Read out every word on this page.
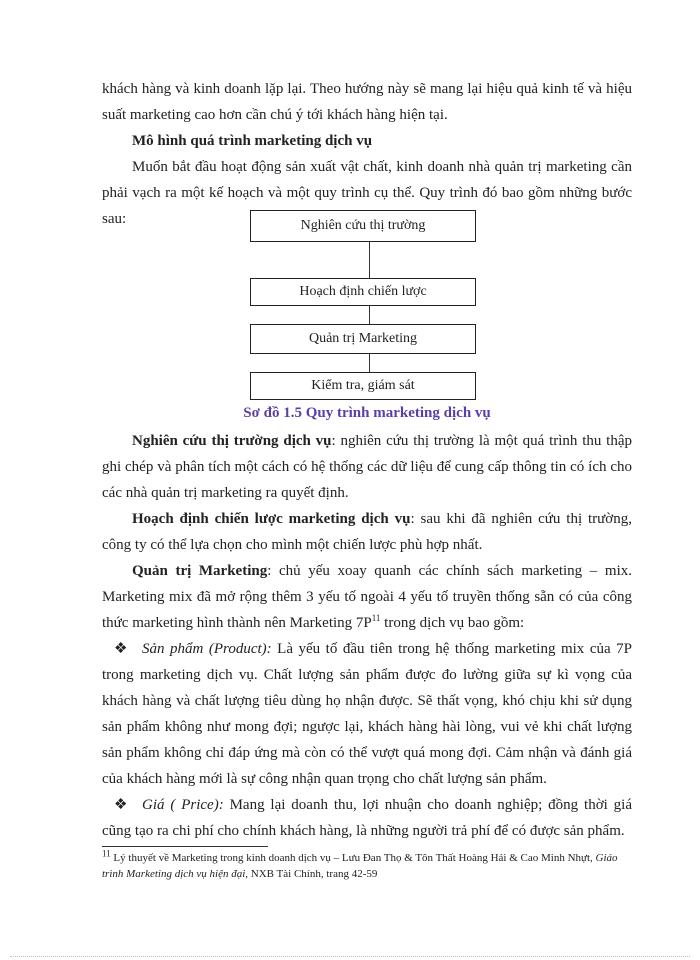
khách hàng và kinh doanh lặp lại. Theo hướng này sẽ mang lại hiệu quả kinh tế và hiệu suất marketing cao hơn cần chú ý tới khách hàng hiện tại.

Mô hình quá trình marketing dịch vụ

Muốn bắt đầu hoạt động sản xuất vật chất, kinh doanh nhà quản trị marketing cần phải vạch ra một kế hoạch và một quy trình cụ thể. Quy trình đó bao gồm những bước sau:	Nghiên cứu thị trường
Hoạch định chiến lược
Quản trị Marketing
Kiểm tra, giám sát

Sơ đồ 1.5 Quy trình marketing dịch vụ

Nghiên cứu thị trường dịch vụ: nghiên cứu thị trường là một quá trình thu thập ghi chép và phân tích một cách có hệ thống các dữ liệu để cung cấp thông tin có ích cho các nhà quản trị marketing ra quyết định.

Hoạch định chiến lược marketing dịch vụ: sau khi đã nghiên cứu thị trường, công ty có thể lựa chọn cho mình một chiến lược phù hợp nhất.

Quản trị Marketing: chủ yếu xoay quanh các chính sách marketing – mix. Marketing mix đã mở rộng thêm 3 yếu tố ngoài 4 yếu tố truyền thống sẵn có của công thức marketing hình thành nên Marketing $7P^{11}$ trong dịch vụ bao gồm:

❖ Sản phẩm (Product): Là yếu tố đầu tiên trong hệ thống marketing mix của 7P trong marketing dịch vụ. Chất lượng sản phẩm được đo lường giữa sự kì vọng của khách hàng và chất lượng tiêu dùng họ nhận được. Sẽ thất vọng, khó chịu khi sử dụng sản phẩm không như mong đợi; ngược lại, khách hàng hài lòng, vui vẻ khi chất lượng sản phẩm không chỉ đáp ứng mà còn có thể vượt quá mong đợi. Cảm nhận và đánh giá của khách hàng mới là sự công nhận quan trọng cho chất lượng sản phẩm.

❖ Giá ( Price): Mang lại doanh thu, lợi nhuận cho doanh nghiệp; đồng thời giá cũng tạo ra chi phí cho chính khách hàng, là những người trả phí để có được sản phẩm.

$^{11}$ Lý thuyết về Marketing trong kinh doanh dịch vụ – Lưu Đan Thọ & Tôn Thất Hoàng Hải & Cao Minh Nhựt, Giáo trình Marketing dịch vụ hiện đại, NXB Tài Chính, trang 42-59
